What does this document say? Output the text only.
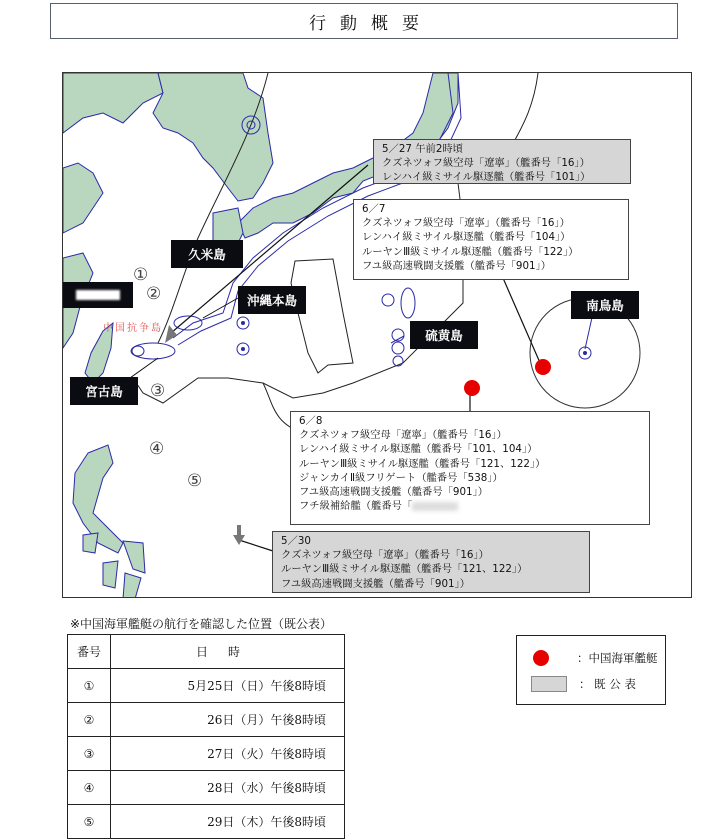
行動概要
久米島
沖縄本島
宮古島
硫黄島
南鳥島
中国抗争島
①
②
③
④
⑤
5／27 午前2時頃
クズネツォフ級空母「遼寧」（艦番号「16」）
レンハイ級ミサイル駆逐艦（艦番号「101」）
6／7
クズネツォフ級空母「遼寧」（艦番号「16」）
レンハイ級ミサイル駆逐艦（艦番号「104」）
ルーヤンⅢ級ミサイル駆逐艦（艦番号「122」）
フユ級高速戦闘支援艦（艦番号「901」）
6／8
クズネツォフ級空母「遼寧」（艦番号「16」）
レンハイ級ミサイル駆逐艦（艦番号「101、104」）
ルーヤンⅢ級ミサイル駆逐艦（艦番号「121、122」）
ジャンカイⅡ級フリゲート（艦番号「538」）
フユ級高速戦闘支援艦（艦番号「901」）
フチ級補給艦（艦番号「
5／30
クズネツォフ級空母「遼寧」（艦番号「16」）
ルーヤンⅢ級ミサイル駆逐艦（艦番号「121、122」）
フユ級高速戦闘支援艦（艦番号「901」）
※中国海軍艦艇の航行を確認した位置（既公表）
番号	日時
①	5月25日（日）午後8時頃
②	26日（月）午後8時頃
③	27日（火）午後8時頃
④	28日（水）午後8時頃
⑤	29日（木）午後8時頃
：中国海軍艦艇
： 既 公 表
